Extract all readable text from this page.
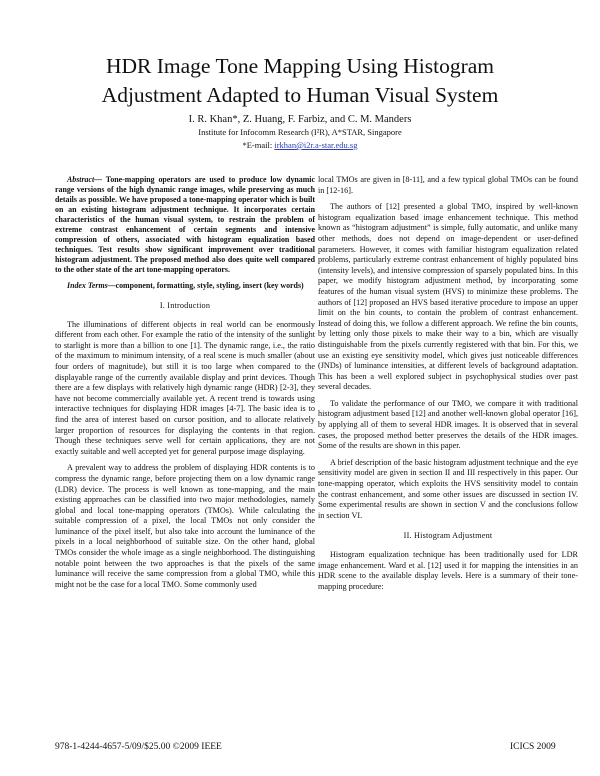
HDR Image Tone Mapping Using Histogram
Adjustment Adapted to Human Visual System
I. R. Khan*, Z. Huang, F. Farbiz, and C. M. Manders
Institute for Infocomm Research (I²R), A*STAR, Singapore
*E-mail: irkhan@i2r.a-star.edu.sg

Abstract— Tone-mapping operators are used to produce low dynamic range versions of the high dynamic range images, while preserving as much details as possible. We have proposed a tone-mapping operator which is built on an existing histogram adjustment technique. It incorporates certain characteristics of the human visual system, to restrain the problem of extreme contrast enhancement of certain segments and intensive compression of others, associated with histogram equalization based techniques. Test results show significant improvement over traditional histogram adjustment. The proposed method also does quite well compared to the other state of the art tone-mapping operators.

Index Terms—component, formatting, style, styling, insert (key words)

I. Introduction

The illuminations of different objects in real world can be enormously different from each other. For example the ratio of the intensity of the sunlight to starlight is more than a billion to one [1]. The dynamic range, i.e., the ratio of the maximum to minimum intensity, of a real scene is much smaller (about four orders of magnitude), but still it is too large when compared to the displayable range of the currently available display and print devices. Though there are a few displays with relatively high dynamic range (HDR) [2-3], they have not become commercially available yet. A recent trend is towards using interactive techniques for displaying HDR images [4-7]. The basic idea is to find the area of interest based on cursor position, and to allocate relatively larger proportion of resources for displaying the contents in that region. Though these techniques serve well for certain applications, they are not exactly suitable and well accepted yet for general purpose image displaying.

A prevalent way to address the problem of displaying HDR contents is to compress the dynamic range, before projecting them on a low dynamic range (LDR) device. The process is well known as tone-mapping, and the main existing approaches can be classified into two major methodologies, namely global and local tone-mapping operators (TMOs). While calculating the suitable compression of a pixel, the local TMOs not only consider the luminance of the pixel itself, but also take into account the luminance of the pixels in a local neighborhood of suitable size. On the other hand, global TMOs consider the whole image as a single neighborhood. The distinguishing notable point between the two approaches is that the pixels of the same luminance will receive the same compression from a global TMO, while this might not be the case for a local TMO. Some commonly used

local TMOs are given in [8-11], and a few typical global TMOs can be found in [12-16].

The authors of [12] presented a global TMO, inspired by well-known histogram equalization based image enhancement technique. This method known as “histogram adjustment” is simple, fully automatic, and unlike many other methods, does not depend on image-dependent or user-defined parameters. However, it comes with familiar histogram equalization related problems, particularly extreme contrast enhancement of highly populated bins (intensity levels), and intensive compression of sparsely populated bins. In this paper, we modify histogram adjustment method, by incorporating some features of the human visual system (HVS) to minimize these problems. The authors of [12] proposed an HVS based iterative procedure to impose an upper limit on the bin counts, to contain the problem of contrast enhancement. Instead of doing this, we follow a different approach. We refine the bin counts, by letting only those pixels to make their way to a bin, which are visually distinguishable from the pixels currently registered with that bin. For this, we use an existing eye sensitivity model, which gives just noticeable differences (JNDs) of luminance intensities, at different levels of background adaptation. This has been a well explored subject in psychophysical studies over past several decades.

To validate the performance of our TMO, we compare it with traditional histogram adjustment based [12] and another well-known global operator [16], by applying all of them to several HDR images. It is observed that in several cases, the proposed method better preserves the details of the HDR images. Some of the results are shown in this paper.

A brief description of the basic histogram adjustment technique and the eye sensitivity model are given in section II and III respectively in this paper. Our tone-mapping operator, which exploits the HVS sensitivity model to contain the contrast enhancement, and some other issues are discussed in section IV. Some experimental results are shown in section V and the conclusions follow in section VI.

II. Histogram Adjustment

Histogram equalization technique has been traditionally used for LDR image enhancement. Ward et al. [12] used it for mapping the intensities in an HDR scene to the available display levels. Here is a summary of their tone-mapping procedure:

978-1-4244-4657-5/09/$25.00 ©2009 IEEE	ICICS 2009
